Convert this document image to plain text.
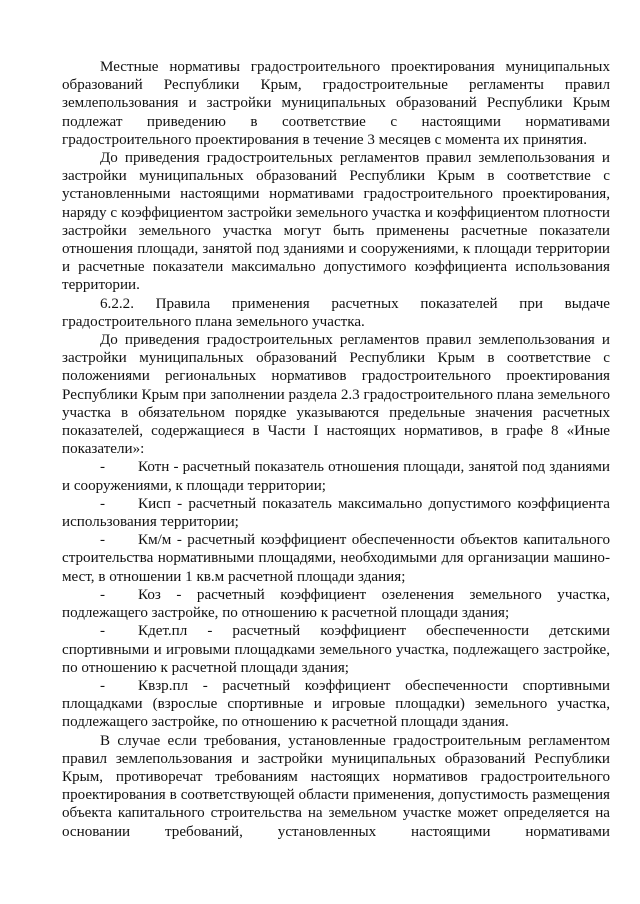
Местные нормативы градостроительного проектирования муниципальных образований Республики Крым, градостроительные регламенты правил землепользования и застройки муниципальных образований Республики Крым подлежат приведению в соответствие с настоящими нормативами градостроительного проектирования в течение 3 месяцев с момента их принятия.

До приведения градостроительных регламентов правил землепользования и застройки муниципальных образований Республики Крым в соответствие с установленными настоящими нормативами градостроительного проектирования, наряду с коэффициентом застройки земельного участка и коэффициентом плотности застройки земельного участка могут быть применены расчетные показатели отношения площади, занятой под зданиями и сооружениями, к площади территории и расчетные показатели максимально допустимого коэффициента использования территории.

6.2.2. Правила применения расчетных показателей при выдаче градостроительного плана земельного участка.

До приведения градостроительных регламентов правил землепользования и застройки муниципальных образований Республики Крым в соответствие с положениями региональных нормативов градостроительного проектирования Республики Крым при заполнении раздела 2.3 градостроительного плана земельного участка в обязательном порядке указываются предельные значения расчетных показателей, содержащиеся в Части I настоящих нормативов, в графе 8 «Иные показатели»:

- Котн - расчетный показатель отношения площади, занятой под зданиями и сооружениями, к площади территории;

- Кисп - расчетный показатель максимально допустимого коэффициента использования территории;

- Км/м - расчетный коэффициент обеспеченности объектов капитального строительства нормативными площадями, необходимыми для организации машино-мест, в отношении 1 кв.м расчетной площади здания;

- Коз - расчетный коэффициент озеленения земельного участка, подлежащего застройке, по отношению к расчетной площади здания;

- Кдет.пл - расчетный коэффициент обеспеченности детскими спортивными и игровыми площадками земельного участка, подлежащего застройке, по отношению к расчетной площади здания;

- Квзр.пл - расчетный коэффициент обеспеченности спортивными площадками (взрослые спортивные и игровые площадки) земельного участка, подлежащего застройке, по отношению к расчетной площади здания.

В случае если требования, установленные градостроительным регламентом правил землепользования и застройки муниципальных образований Республики Крым, противоречат требованиям настоящих нормативов градостроительного проектирования в соответствующей области применения, допустимость размещения объекта капитального строительства на земельном участке может определяется на основании требований, установленных настоящими нормативами
